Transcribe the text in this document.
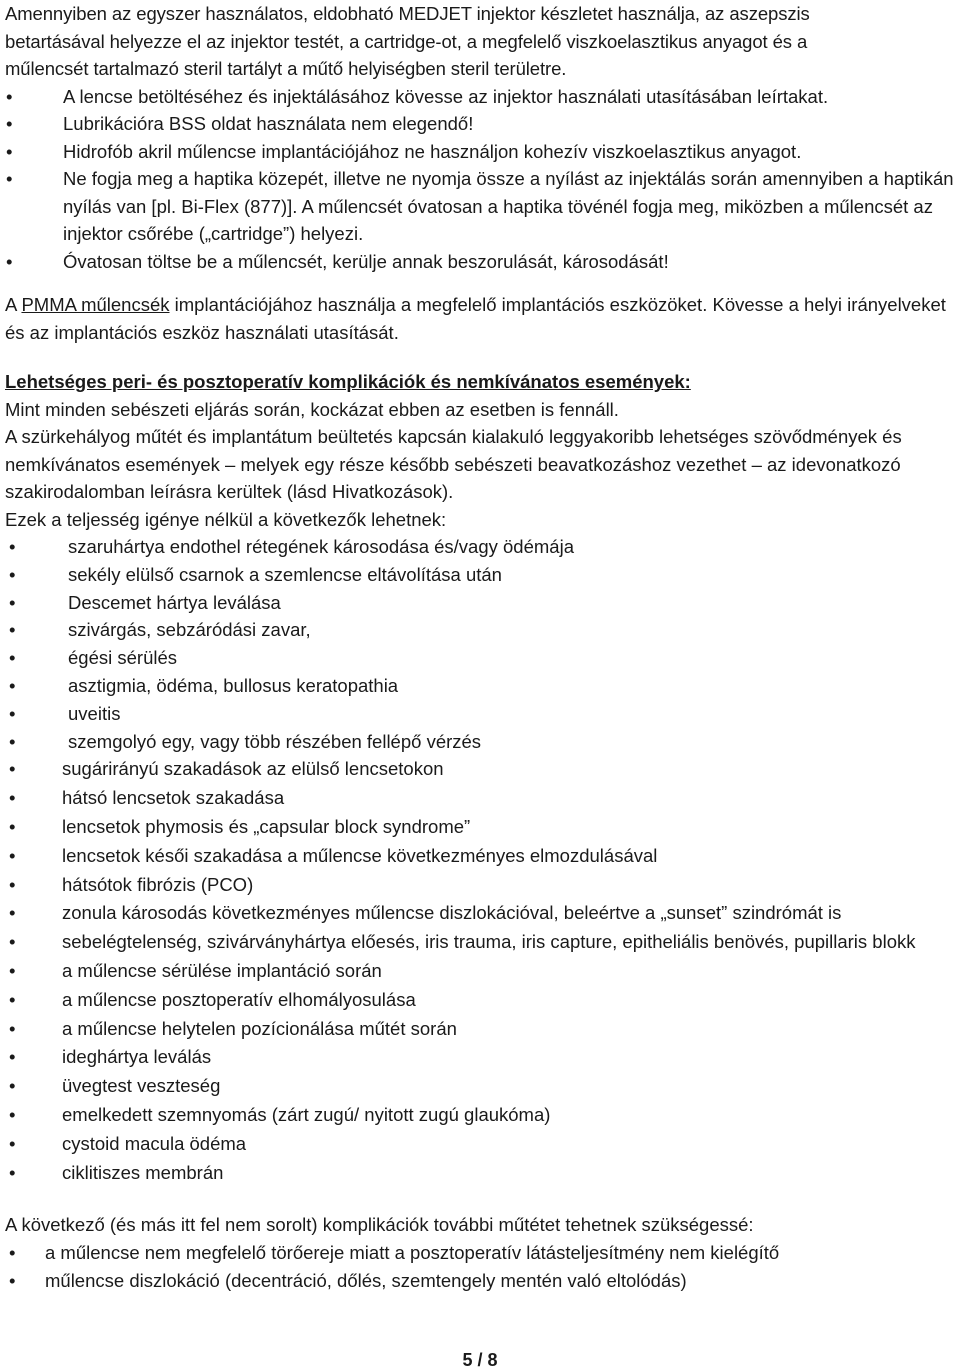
Amennyiben az egyszer használatos, eldobható MEDJET injektor készletet használja, az aszepszis
betartásával helyezze el az injektor testét, a cartridge-ot, a megfelelő viszkoelasztikus anyagot és a
műlencsét tartalmazó steril tartályt a műtő helyiségben steril területre.

•	A lencse betöltéséhez és injektálásához kövesse az injektor használati utasításában leírtakat.
•	Lubrikációra BSS oldat használata nem elegendő!
•	Hidrofób akril műlencse implantációjához ne használjon kohezív viszkoelasztikus anyagot.
•	Ne fogja meg a haptika közepét, illetve ne nyomja össze a nyílást az injektálás során amennyiben a haptikán nyílás van [pl. Bi-Flex (877)]. A műlencsét óvatosan a haptika tövénél fogja meg, miközben a műlencsét az injektor csőrébe („cartridge”) helyezi.
•	Óvatosan töltse be a műlencsét, kerülje annak beszorulását, károsodását!

A PMMA műlencsék implantációjához használja a megfelelő implantációs eszközöket. Kövesse a helyi irányelveket és az implantációs eszköz használati utasítását.

Lehetséges peri- és posztoperatív komplikációk és nemkívánatos események:

Mint minden sebészeti eljárás során, kockázat ebben az esetben is fennáll.

A szürkehályog műtét és implantátum beültetés kapcsán kialakuló leggyakoribb lehetséges szövődmények és nemkívánatos események – melyek egy része később sebészeti beavatkozáshoz vezethet – az idevonatkozó szakirodalomban leírásra kerültek (lásd Hivatkozások).

Ezek a teljesség igénye nélkül a következők lehetnek:

•	szaruhártya endothel rétegének károsodása és/vagy ödémája
•	sekély elülső csarnok a szemlencse eltávolítása után
•	Descemet hártya leválása
•	szivárgás, sebzáródási zavar,
•	égési sérülés
•	asztigmia, ödéma, bullosus keratopathia
•	uveitis
•	szemgolyó egy, vagy több részében fellépő vérzés
•	sugárirányú szakadások az elülső lencsetokon
•	hátsó lencsetok szakadása
•	lencsetok phymosis és „capsular block syndrome”
•	lencsetok késői szakadása a műlencse következményes elmozdulásával
•	hátsótok fibrózis (PCO)
•	zonula károsodás következményes műlencse diszlokációval, beleértve a „sunset” szindrómát is
•	sebelégtelenség, szivárványhártya előesés, iris trauma, iris capture, epitheliális benövés, pupillaris blokk
•	a műlencse sérülése implantáció során
•	a műlencse posztoperatív elhomályosulása
•	a műlencse helytelen pozícionálása műtét során
•	ideghártya leválás
•	üvegtest veszteség
•	emelkedett szemnyomás (zárt zugú/ nyitott zugú glaukóma)
•	cystoid macula ödéma
•	ciklitiszes membrán

A következő (és más itt fel nem sorolt) komplikációk további műtétet tehetnek szükségessé:

• a műlencse nem megfelelő törőereje miatt a posztoperatív látásteljesítmény nem kielégítő
• műlencse diszlokáció (decentráció, dőlés, szemtengely mentén való eltolódás)
5 / 8
